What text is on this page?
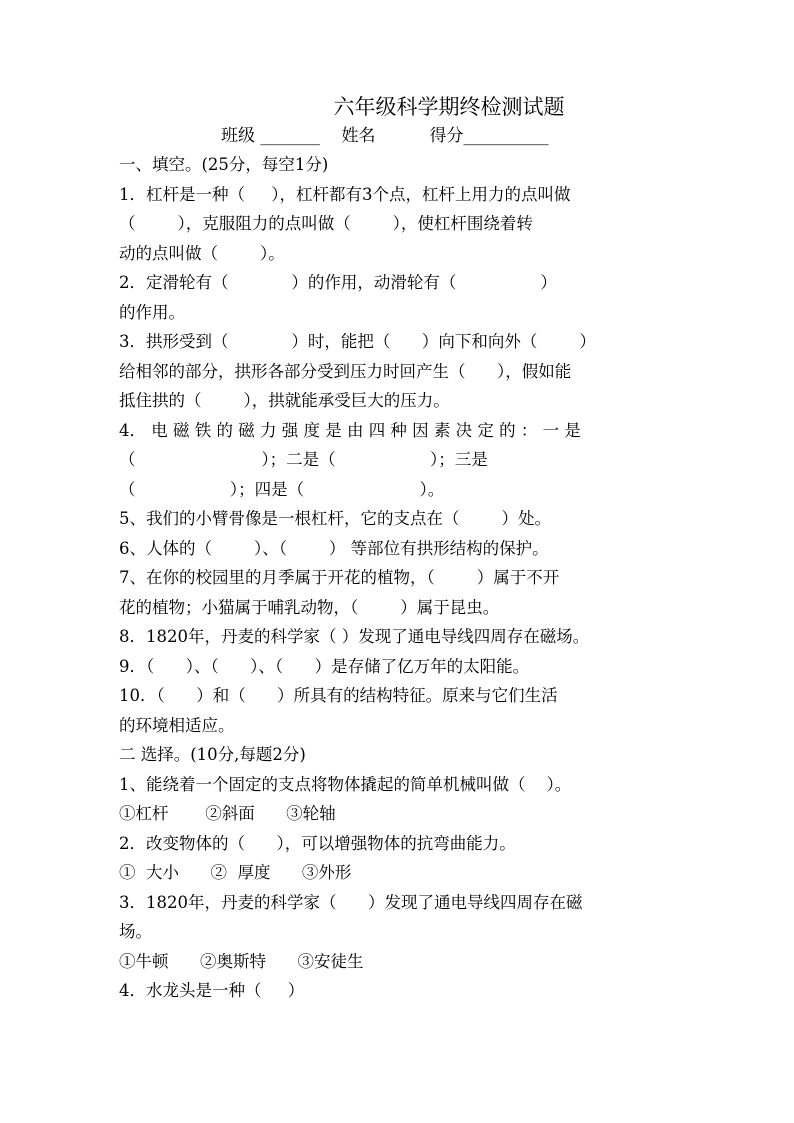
六年级科学期终检测试题
班级 _______    姓名          得分__________
一、填空。(25分，每空1分)
1．杠杆是一种（     ），杠杆都有3个点，杠杆上用力的点叫做
（        ），克服阻力的点叫做（        ），使杠杆围绕着转
动的点叫做（        ）。
2．定滑轮有（            ）的作用，动滑轮有（                ）
的作用。
3．拱形受到（            ）时，能把（      ）向下和向外（        ）
给相邻的部分，拱形各部分受到压力时回产生（      ），假如能
抵住拱的（        ），拱就能承受巨大的压力。
4． 电 磁 铁 的 磁 力 强 度 是 由 四 种 因 素 决 定 的 ： 一 是
（                        ）；二是（                  ）；三是
（                  ）；四是（                      ）。
5、我们的小臂骨像是一根杠杆，它的支点在（        ）处。
6、人体的（        ）、（        ） 等部位有拱形结构的保护。
7、在你的校园里的月季属于开花的植物，（        ）属于不开
花的植物；小猫属于哺乳动物，（        ）属于昆虫。
8．1820年，丹麦的科学家（ ）发现了通电导线四周存在磁场。
9．（      ）、（      ）、（      ）是存储了亿万年的太阳能。
10．（      ）和（      ）所具有的结构特征。原来与它们生活
的环境相适应。
二 选择。(10分,每题2分)
1、能绕着一个固定的支点将物体撬起的简单机械叫做（    ）。
①杠杆       ②斜面      ③轮轴
2．改变物体的（      ），可以增强物体的抗弯曲能力。
①  大小      ②  厚度      ③外形
3．1820年，丹麦的科学家（      ）发现了通电导线四周存在磁
场。
①牛顿      ②奥斯特      ③安徒生
4．水龙头是一种（     ）
